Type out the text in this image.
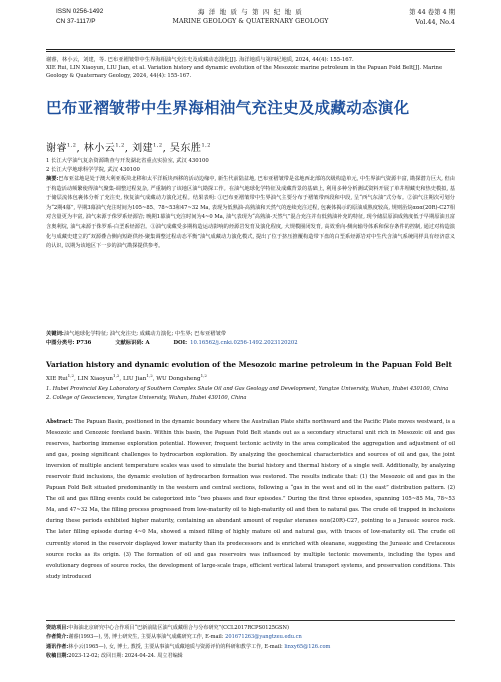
ISSN 0256-1492
CN 37-1117/P
海 洋 地 质 与 第 四 纪 地 质
MARINE GEOLOGY & QUATERNARY GEOLOGY
第 44 卷第 4 期
Vol.44, No.4
谢睿，林小云，刘建，等. 巴布亚褶皱带中生界海相油气充注史及成藏动态演化[J]. 海洋地质与第四纪地质, 2024, 44(4): 155-167.
XIE Rui, LIN Xiaoyun, LIU Jian, et al. Variation history and dynamic evolution of the Mesozoic marine petroleum in the Papuan Fold Belt[J]. Marine Geology & Quaternary Geology, 2024, 44(4): 155-167.
巴布亚褶皱带中生界海相油气充注史及成藏动态演化
谢睿$^{1,2}$, 林小云$^{1,2}$, 刘建$^{1,2}$, 吴东胜$^{1,2}$
1 长江大学油气复杂资源勘查与开发湖北省重点实验室, 武汉 430100
2 长江大学地球科学学院, 武汉 430100
摘要:巴布亚盆地是处于澳大利亚板块北移和太平洋板块西移的活动边缘中, 新生代前陆盆地, 巴布亚褶皱带是盆地西北部的次级构造单元, 中生界油气资源丰富, 勘探潜力巨大, 但由于构造活动频繁使得油气聚集-调整过程复杂, 严重制约了该地区油气勘探工作。在油气地球化学特征及成藏背景的基础上, 利用多种分析测试资料开展了单井埋藏史和热史模拟, 基于储层流体包裹体分析了充注史, 恢复油气成藏动力演化过程。结果表明: ①巴布亚褶皱带中生界油气主要分布于褶皱带西段和中段, 呈“西气东油”式分布。②油气注期次可划分为“2期4幕”, 早期3幕油气充注时间为105~85、78~53和47~32 Ma, 表现为低熟油-高熟油和天然气的连续充注过程, 包裹体揭示的原油成熟度较高, 规则甾烷ααα(20R)-C27相对含量更为丰富, 油气来源于侏罗系烃源岩; 晚期1幕油气充注时间为4~0 Ma, 油气表现为“高熟油-天然气”混合充注并有低熟油补充的特征, 现今储层原油成熟度低于早期原油且富含奥利烷, 油气来源于侏罗系-白垩系烃源岩。③油气成藏受多期构造运动影响的烃源岩发育及演化程度, 大规模圈闭发育, 高效垂向-侧向输导体系和保存条件的控制, 通过对构造演化与成藏史建立的“双源叠合侧向短距供烃-聚集调整过程动态平衡”油气成藏动力演化模式, 提出了位于挤压推覆构造带下盘的白垩系烃源岩对中生代含油气系统同样具有经济意义的认识, 以期为该地区下一步的油气勘探提供参考。
关键词:油气地球化学特征; 油气充注史; 成藏动力演化; 中生界; 巴布亚褶皱带
中图分类号: P736	文献标识码: A	DOI: 10.16562/j.cnki.0256-1492.2023120202
Variation history and dynamic evolution of the Mesozoic marine petroleum in the Papuan Fold Belt
XIE Rui$^{1,2}$, LIN Xiaoyun$^{1,2}$, LIU Jian$^{1,2}$, WU Dongsheng$^{1,2}$
1. Hubei Provincial Key Laboratory of Southern Complex Shale Oil and Gas Geology and Development, Yangtze University, Wuhan, Hubei 430100, China
2. College of Geosciences, Yangtze University, Wuhan, Hubei 430100, China
Abstract: The Papuan Basin, positioned in the dynamic boundary where the Australian Plate shifts northward and the Pacific Plate moves westward, is a Mesozoic and Cenozoic foreland basin. Within this basin, the Papuan Fold Belt stands out as a secondary structural unit rich in Mesozoic oil and gas reserves, harboring immense exploration potential. However, frequent tectonic activity in the area complicated the aggregation and adjustment of oil and gas, posing significant challenges to hydrocarbon exploration. By analyzing the geochemical characteristics and sources of oil and gas, the joint inversion of multiple ancient temperature scales was used to simulate the burial history and thermal history of a single well. Additionally, by analyzing reservoir fluid inclusions, the dynamic evolution of hydrocarbon formation was restored. The results indicate that: (1) the Mesozoic oil and gas in the Papuan Fold Belt situated predominantly in the western and central sections, following a “gas in the west and oil in the east” distribution pattern. (2) The oil and gas filling events could be categorized into “two phases and four episodes.” During the first three episodes, spanning 105~85 Ma, 78~53 Ma, and 47~32 Ma, the filling process progressed from low-maturity oil to high-maturity oil and then to natural gas. The crude oil trapped in inclusions during these periods exhibited higher maturity, containing an abundant amount of regular steranes ααα(20R)-C27, pointing to a Jurassic source rock. The later filling episode during 4~0 Ma, showed a mixed filling of highly mature oil and natural gas, with traces of low-maturity oil. The crude oil currently stored in the reservoir displayed lower maturity than its predecessors and is enriched with oleanane, suggesting the Jurassic and Cretaceous source rocks as its origin. (3) The formation of oil and gas reservoirs was influenced by multiple tectonic movements, including the types and evolutionary degrees of source rocks, the development of large-scale traps, efficient vertical lateral transport systems, and preservation conditions. This study introduced
资助项目:中海油北京研究中心合作项目“巴新前陆区油气成藏组合与分布研究”(CCL2017RCPS0125GSN)
作者简介:谢睿(1993—), 男, 博士研究生, 主要从事油气成藏研究工作, E-mail: 201671263@yangtzeu.edu.cn
通讯作者:林小云(1965—), 女, 博士, 教授, 主要从事油气成藏地质与资源评价的科研和教学工作, E-mail: linxy65@126.com
收稿日期:2023-12-02; 改回日期: 2024-04-24. 周立君编辑
